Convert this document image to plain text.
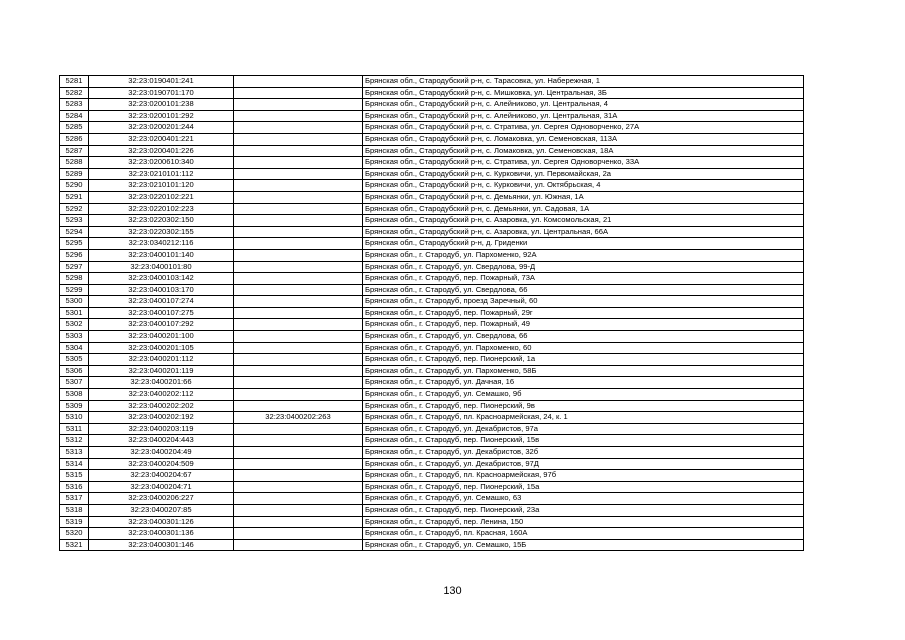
5281	32:23:0190401:241		Брянская обл., Стародубский р-н, с. Тарасовка, ул. Набережная, 1
5282	32:23:0190701:170		Брянская обл., Стародубский р-н, с. Мишковка, ул. Центральная, 3Б
5283	32:23:0200101:238		Брянская обл., Стародубский р-н, с. Алейниково, ул. Центральная, 4
5284	32:23:0200101:292		Брянская обл., Стародубский р-н, с. Алейниково, ул. Центральная, 31А
5285	32:23:0200201:244		Брянская обл., Стародубский р-н, с. Стратива, ул. Сергея Одноворченко, 27А
5286	32:23:0200401:221		Брянская обл., Стародубский р-н, с. Ломаковка, ул. Семеновская, 113А
5287	32:23:0200401:226		Брянская обл., Стародубский р-н, с. Ломаковка, ул. Семеновская, 18А
5288	32:23:0200610:340		Брянская обл., Стародубский р-н, с. Стратива, ул. Сергея Одноворченко, 33А
5289	32:23:0210101:112		Брянская обл., Стародубский р-н, с. Курковичи, ул. Первомайская, 2а
5290	32:23:0210101:120		Брянская обл., Стародубский р-н, с. Курковичи, ул. Октябрьская, 4
5291	32:23:0220102:221		Брянская обл., Стародубский р-н, с. Демьянки, ул. Южная, 1А
5292	32:23:0220102:223		Брянская обл., Стародубский р-н, с. Демьянки, ул. Садовая, 1А
5293	32:23:0220302:150		Брянская обл., Стародубский р-н, с. Азаровка, ул. Комсомольская, 21
5294	32:23:0220302:155		Брянская обл., Стародубский р-н, с. Азаровка, ул. Центральная, 66А
5295	32:23:0340212:116		Брянская обл., Стародубский р-н, д. Гриденки
5296	32:23:0400101:140		Брянская обл., г. Стародуб, ул. Пархоменко, 92А
5297	32:23:0400101:80		Брянская обл., г. Стародуб, ул. Свердлова, 99-Д
5298	32:23:0400103:142		Брянская обл., г. Стародуб, пер. Пожарный, 73А
5299	32:23:0400103:170		Брянская обл., г. Стародуб, ул. Свердлова, 66
5300	32:23:0400107:274		Брянская обл., г. Стародуб, проезд Заречный, 60
5301	32:23:0400107:275		Брянская обл., г. Стародуб, пер. Пожарный, 29г
5302	32:23:0400107:292		Брянская обл., г. Стародуб, пер. Пожарный, 49
5303	32:23:0400201:100		Брянская обл., г. Стародуб, ул. Свердлова, 66
5304	32:23:0400201:105		Брянская обл., г. Стародуб, ул. Пархоменко, 60
5305	32:23:0400201:112		Брянская обл., г. Стародуб, пер. Пионерский, 1а
5306	32:23:0400201:119		Брянская обл., г. Стародуб, ул. Пархоменко, 58Б
5307	32:23:0400201:66		Брянская обл., г. Стародуб, ул. Дачная, 16
5308	32:23:0400202:112		Брянская обл., г. Стародуб, ул. Семашко, 9б
5309	32:23:0400202:202		Брянская обл., г. Стародуб, пер. Пионерский, 9в
5310	32:23:0400202:192	32:23:0400202:263	Брянская обл., г. Стародуб, пл. Красноармейская, 24, к. 1
5311	32:23:0400203:119		Брянская обл., г. Стародуб, ул. Декабристов, 97а
5312	32:23:0400204:443		Брянская обл., г. Стародуб, пер. Пионерский, 15в
5313	32:23:0400204:49		Брянская обл., г. Стародуб, ул. Декабристов, 32б
5314	32:23:0400204:509		Брянская обл., г. Стародуб, ул. Декабристов, 97Д
5315	32:23:0400204:67		Брянская обл., г. Стародуб, пл. Красноармейская, 97б
5316	32:23:0400204:71		Брянская обл., г. Стародуб, пер. Пионерский, 15а
5317	32:23:0400206:227		Брянская обл., г. Стародуб, ул. Семашко, 63
5318	32:23:0400207:85		Брянская обл., г. Стародуб, пер. Пионерский, 23а
5319	32:23:0400301:126		Брянская обл., г. Стародуб, пер. Ленина, 150
5320	32:23:0400301:136		Брянская обл., г. Стародуб, пл. Красная, 160А
5321	32:23:0400301:146		Брянская обл., г. Стародуб, ул. Семашко, 15Б
130
